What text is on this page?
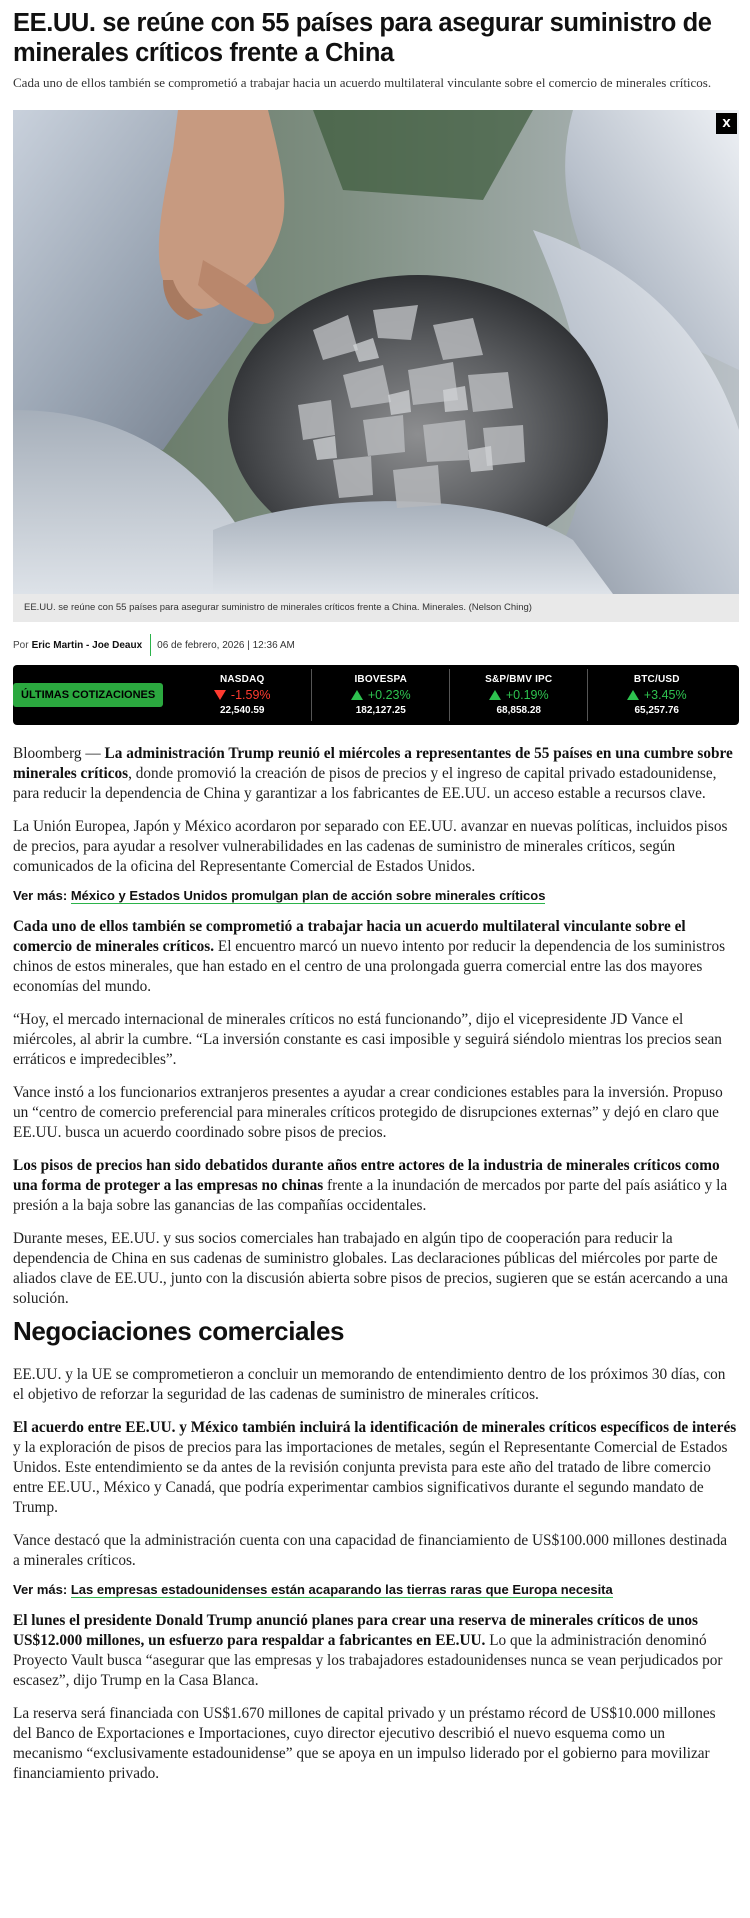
EE.UU. se reúne con 55 países para asegurar suministro de minerales críticos frente a China

Cada uno de ellos también se comprometió a trabajar hacia un acuerdo multilateral vinculante sobre el comercio de minerales críticos.

X
EE.UU. se reúne con 55 países para asegurar suministro de minerales críticos frente a China. Minerales. (Nelson Ching)
Por Eric Martin - Joe Deaux 06 de febrero, 2026 | 12:36 AM
ÚLTIMAS COTIZACIONES
NASDAQ
-1.59%
22,540.59
IBOVESPA
+0.23%
182,127.25
S&P/BMV IPC
+0.19%
68,858.28
BTC/USD
+3.45%
65,257.76

Bloomberg — La administración Trump reunió el miércoles a representantes de 55 países en una cumbre sobre minerales críticos, donde promovió la creación de pisos de precios y el ingreso de capital privado estadounidense, para reducir la dependencia de China y garantizar a los fabricantes de EE.UU. un acceso estable a recursos clave.

La Unión Europea, Japón y México acordaron por separado con EE.UU. avanzar en nuevas políticas, incluidos pisos de precios, para ayudar a resolver vulnerabilidades en las cadenas de suministro de minerales críticos, según comunicados de la oficina del Representante Comercial de Estados Unidos.

Ver más: México y Estados Unidos promulgan plan de acción sobre minerales críticos

Cada uno de ellos también se comprometió a trabajar hacia un acuerdo multilateral vinculante sobre el comercio de minerales críticos. El encuentro marcó un nuevo intento por reducir la dependencia de los suministros chinos de estos minerales, que han estado en el centro de una prolongada guerra comercial entre las dos mayores economías del mundo.

“Hoy, el mercado internacional de minerales críticos no está funcionando”, dijo el vicepresidente JD Vance el miércoles, al abrir la cumbre. “La inversión constante es casi imposible y seguirá siéndolo mientras los precios sean erráticos e impredecibles”.

Vance instó a los funcionarios extranjeros presentes a ayudar a crear condiciones estables para la inversión. Propuso un “centro de comercio preferencial para minerales críticos protegido de disrupciones externas” y dejó en claro que EE.UU. busca un acuerdo coordinado sobre pisos de precios.

Los pisos de precios han sido debatidos durante años entre actores de la industria de minerales críticos como una forma de proteger a las empresas no chinas frente a la inundación de mercados por parte del país asiático y la presión a la baja sobre las ganancias de las compañías occidentales.

Durante meses, EE.UU. y sus socios comerciales han trabajado en algún tipo de cooperación para reducir la dependencia de China en sus cadenas de suministro globales. Las declaraciones públicas del miércoles por parte de aliados clave de EE.UU., junto con la discusión abierta sobre pisos de precios, sugieren que se están acercando a una solución.

Negociaciones comerciales

EE.UU. y la UE se comprometieron a concluir un memorando de entendimiento dentro de los próximos 30 días, con el objetivo de reforzar la seguridad de las cadenas de suministro de minerales críticos.

El acuerdo entre EE.UU. y México también incluirá la identificación de minerales críticos específicos de interés y la exploración de pisos de precios para las importaciones de metales, según el Representante Comercial de Estados Unidos. Este entendimiento se da antes de la revisión conjunta prevista para este año del tratado de libre comercio entre EE.UU., México y Canadá, que podría experimentar cambios significativos durante el segundo mandato de Trump.

Vance destacó que la administración cuenta con una capacidad de financiamiento de US$100.000 millones destinada a minerales críticos.

Ver más: Las empresas estadounidenses están acaparando las tierras raras que Europa necesita

El lunes el presidente Donald Trump anunció planes para crear una reserva de minerales críticos de unos US$12.000 millones, un esfuerzo para respaldar a fabricantes en EE.UU. Lo que la administración denominó Proyecto Vault busca “asegurar que las empresas y los trabajadores estadounidenses nunca se vean perjudicados por escasez”, dijo Trump en la Casa Blanca.

La reserva será financiada con US$1.670 millones de capital privado y un préstamo récord de US$10.000 millones del Banco de Exportaciones e Importaciones, cuyo director ejecutivo describió el nuevo esquema como un mecanismo “exclusivamente estadounidense” que se apoya en un impulso liderado por el gobierno para movilizar financiamiento privado.
